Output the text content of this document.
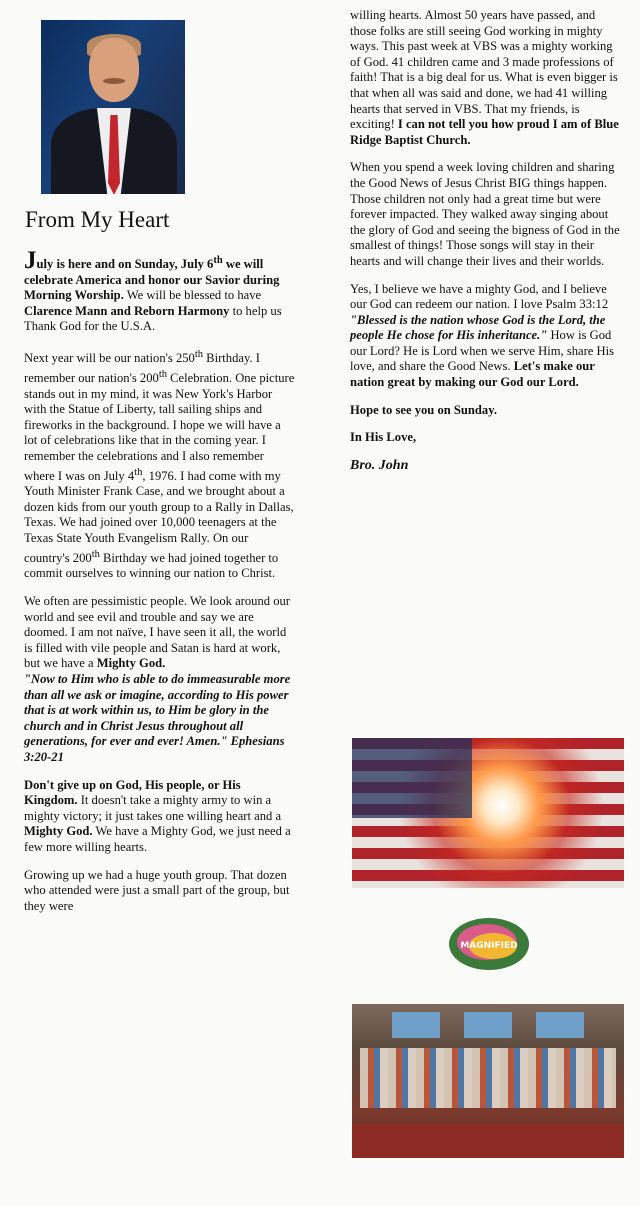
From My Heart

July is here and on Sunday, July 6th we will celebrate America and honor our Savior during Morning Worship. We will be blessed to have Clarence Mann and Reborn Harmony to help us Thank God for the U.S.A.

Next year will be our nation's 250th Birthday. I remember our nation's 200th Celebration. One picture stands out in my mind, it was New York's Harbor with the Statue of Liberty, tall sailing ships and fireworks in the background. I hope we will have a lot of celebrations like that in the coming year. I remember the celebrations and I also remember where I was on July 4th, 1976. I had come with my Youth Minister Frank Case, and we brought about a dozen kids from our youth group to a Rally in Dallas, Texas. We had joined over 10,000 teenagers at the Texas State Youth Evangelism Rally. On our country's 200th Birthday we had joined together to commit ourselves to winning our nation to Christ.

We often are pessimistic people. We look around our world and see evil and trouble and say we are doomed. I am not naïve, I have seen it all, the world is filled with vile people and Satan is hard at work, but we have a Mighty God.
"Now to Him who is able to do immeasurable more than all we ask or imagine, according to His power that is at work within us, to Him be glory in the church and in Christ Jesus throughout all generations, for ever and ever! Amen." Ephesians 3:20-21

Don't give up on God, His people, or His Kingdom. It doesn't take a mighty army to win a mighty victory; it just takes one willing heart and a Mighty God. We have a Mighty God, we just need a few more willing hearts.

Growing up we had a huge youth group. That dozen who attended were just a small part of the group, but they were

willing hearts. Almost 50 years have passed, and those folks are still seeing God working in mighty ways. This past week at VBS was a mighty working of God. 41 children came and 3 made professions of faith! That is a big deal for us. What is even bigger is that when all was said and done, we had 41 willing hearts that served in VBS. That my friends, is exciting! I can not tell you how proud I am of Blue Ridge Baptist Church.

When you spend a week loving children and sharing the Good News of Jesus Christ BIG things happen. Those children not only had a great time but were forever impacted. They walked away singing about the glory of God and seeing the bigness of God in the smallest of things! Those songs will stay in their hearts and will change their lives and their worlds.

Yes, I believe we have a mighty God, and I believe our God can redeem our nation. I love Psalm 33:12 "Blessed is the nation whose God is the Lord, the people He chose for His inheritance." How is God our Lord? He is Lord when we serve Him, share His love, and share the Good News. Let's make our nation great by making our God our Lord.

Hope to see you on Sunday.

In His Love,

Bro. John

MAGNIFIED
